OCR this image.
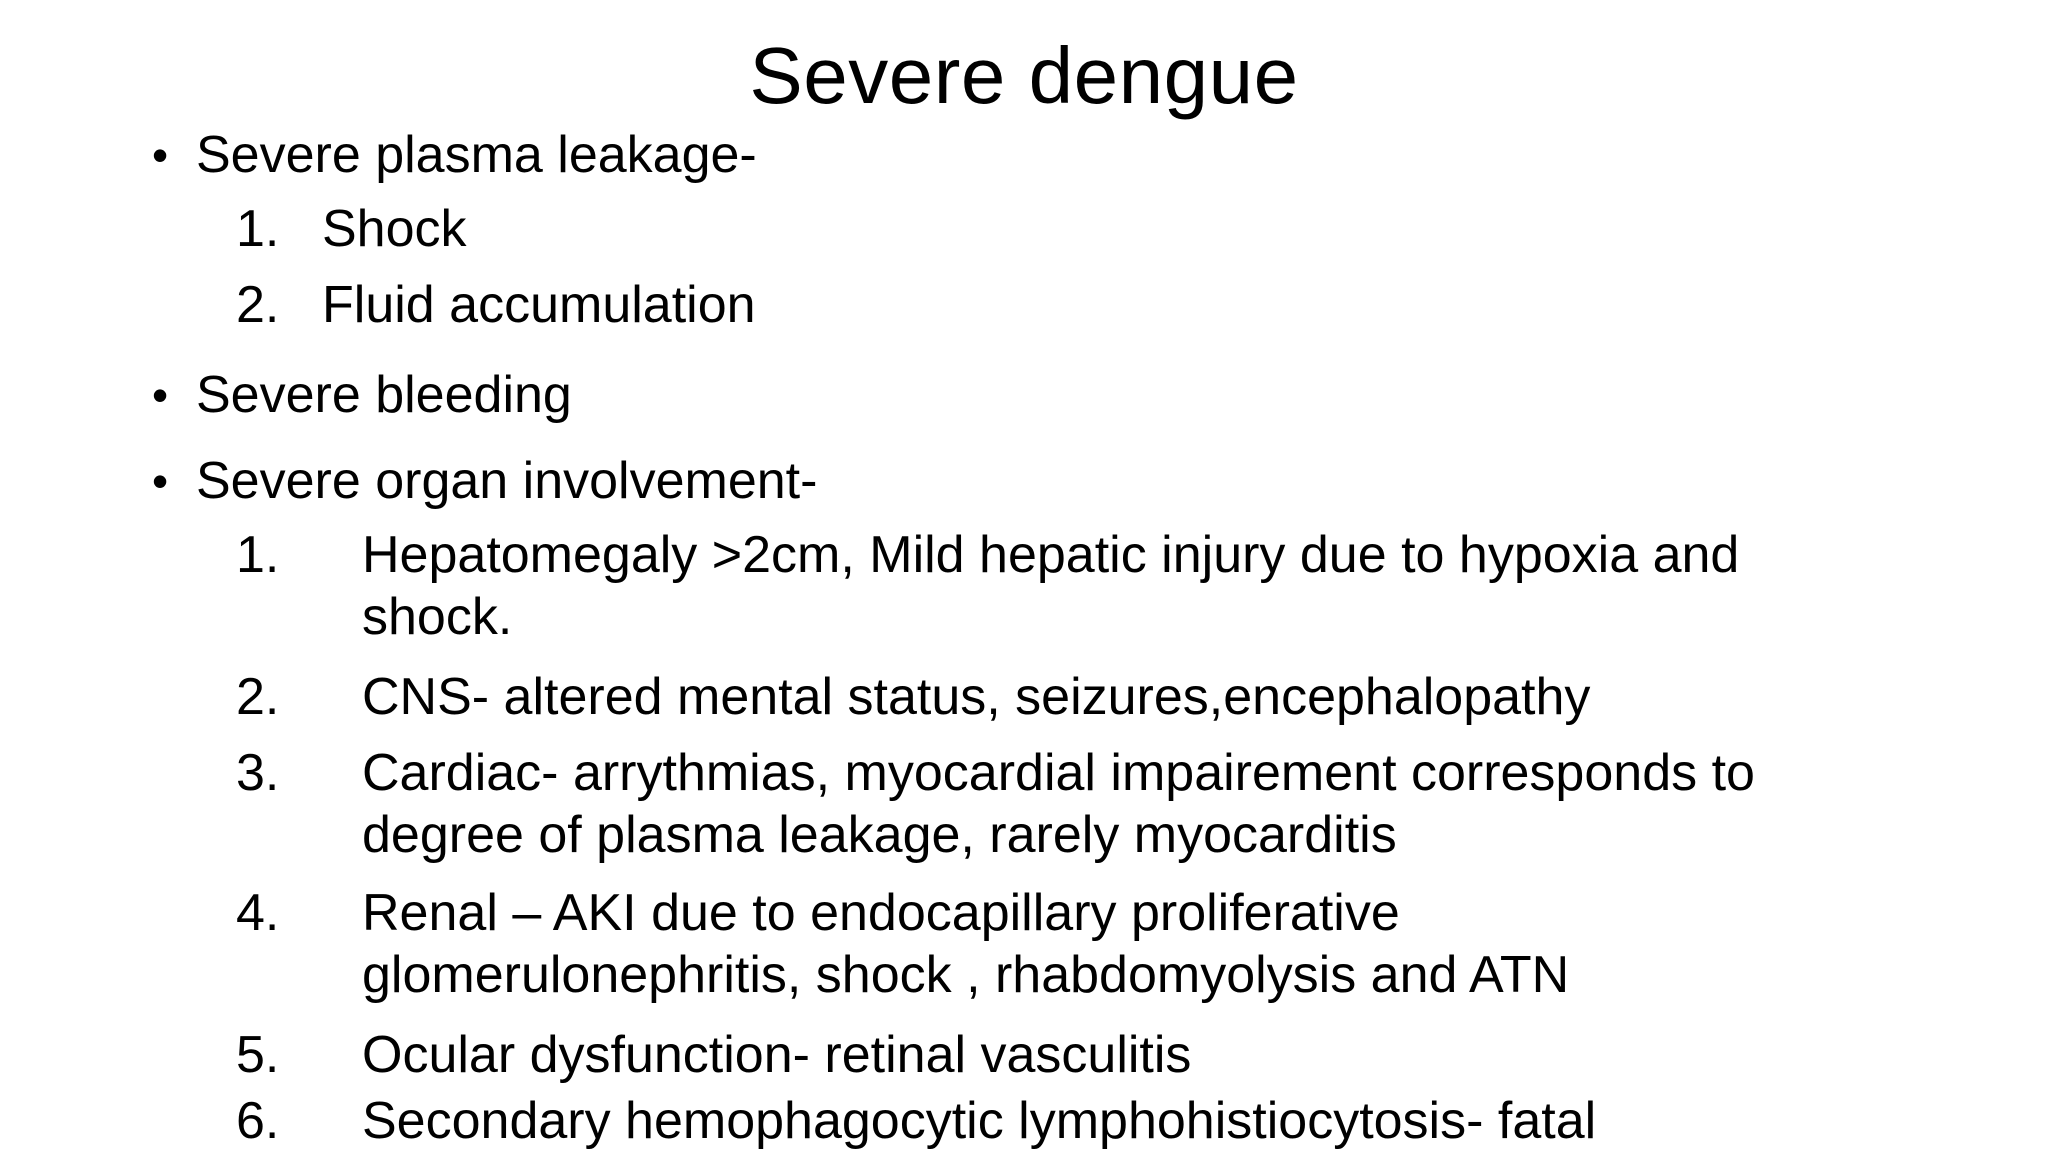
Severe dengue
• Severe plasma leakage-
1. Shock
2. Fluid accumulation
• Severe bleeding
• Severe organ involvement-
1. Hepatomegaly >2cm, Mild hepatic injury due to hypoxia and
shock.
2. CNS- altered mental status, seizures,encephalopathy
3. Cardiac- arrythmias, myocardial impairement corresponds to
degree of plasma leakage, rarely myocarditis
4. Renal – AKI due to endocapillary proliferative
glomerulonephritis, shock , rhabdomyolysis and ATN
5. Ocular dysfunction- retinal vasculitis
6. Secondary hemophagocytic lymphohistiocytosis- fatal
